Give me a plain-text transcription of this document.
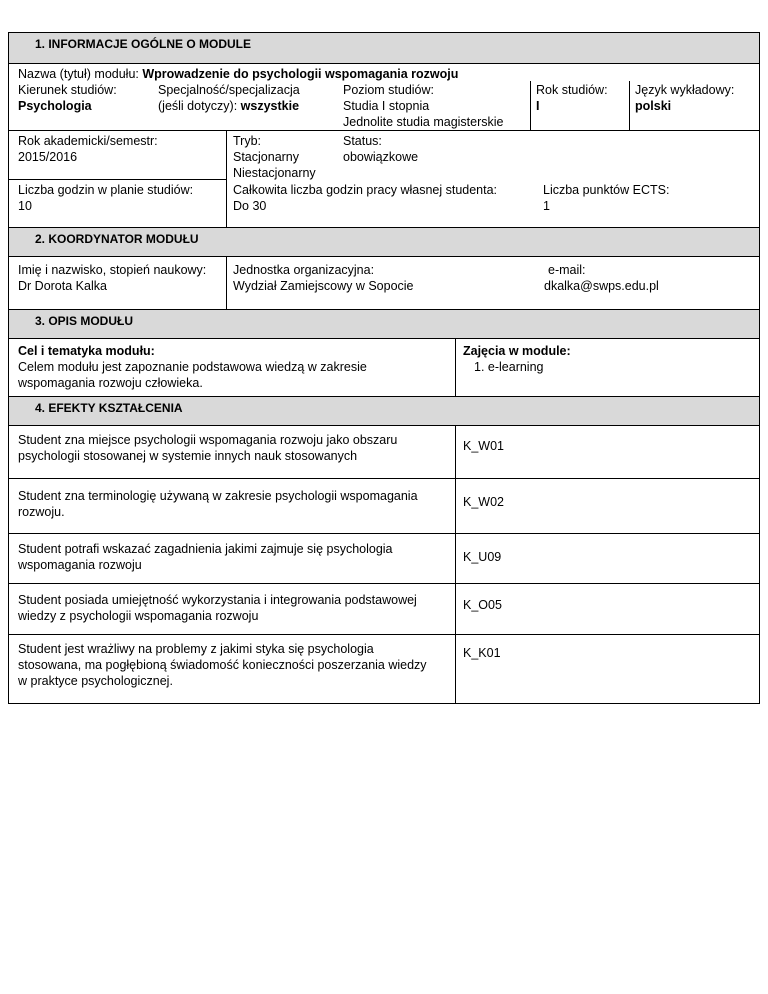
1. INFORMACJE OGÓLNE O MODULE
Nazwa (tytuł) modułu: Wprowadzenie do psychologii wspomagania rozwoju
Kierunek studiów:
Psychologia
Specjalność/specjalizacja
(jeśli dotyczy): wszystkie
Poziom studiów:
Studia I stopnia
Jednolite studia magisterskie
Rok studiów:
I
Język wykładowy:
polski
Rok akademicki/semestr:
2015/2016
Tryb:
Stacjonarny
Niestacjonarny
Status:
obowiązkowe
Liczba godzin w planie studiów:
10
Całkowita liczba godzin pracy własnej studenta:
Do 30
Liczba punktów ECTS:
1
2. KOORDYNATOR MODUŁU
Imię i nazwisko, stopień naukowy:
Dr Dorota Kalka
Jednostka organizacyjna:
Wydział Zamiejscowy w Sopocie
e-mail:
dkalka@swps.edu.pl
3. OPIS MODUŁU
Cel i tematyka modułu:
Celem modułu jest zapoznanie podstawowa wiedzą w zakresie
wspomagania rozwoju człowieka.
Zajęcia w module:
1. e-learning
4. EFEKTY KSZTAŁCENIA
Student zna miejsce psychologii wspomagania rozwoju jako obszaru
psychologii stosowanej w systemie innych nauk stosowanych
K_W01
Student zna terminologię używaną w zakresie psychologii wspomagania
rozwoju.
K_W02
Student potrafi wskazać zagadnienia jakimi zajmuje się psychologia
wspomagania rozwoju
K_U09
Student posiada umiejętność wykorzystania i integrowania podstawowej
wiedzy z psychologii wspomagania rozwoju
K_O05
Student jest wrażliwy na problemy z jakimi styka się psychologia
stosowana, ma pogłębioną świadomość konieczności poszerzania wiedzy
w praktyce psychologicznej.
K_K01
